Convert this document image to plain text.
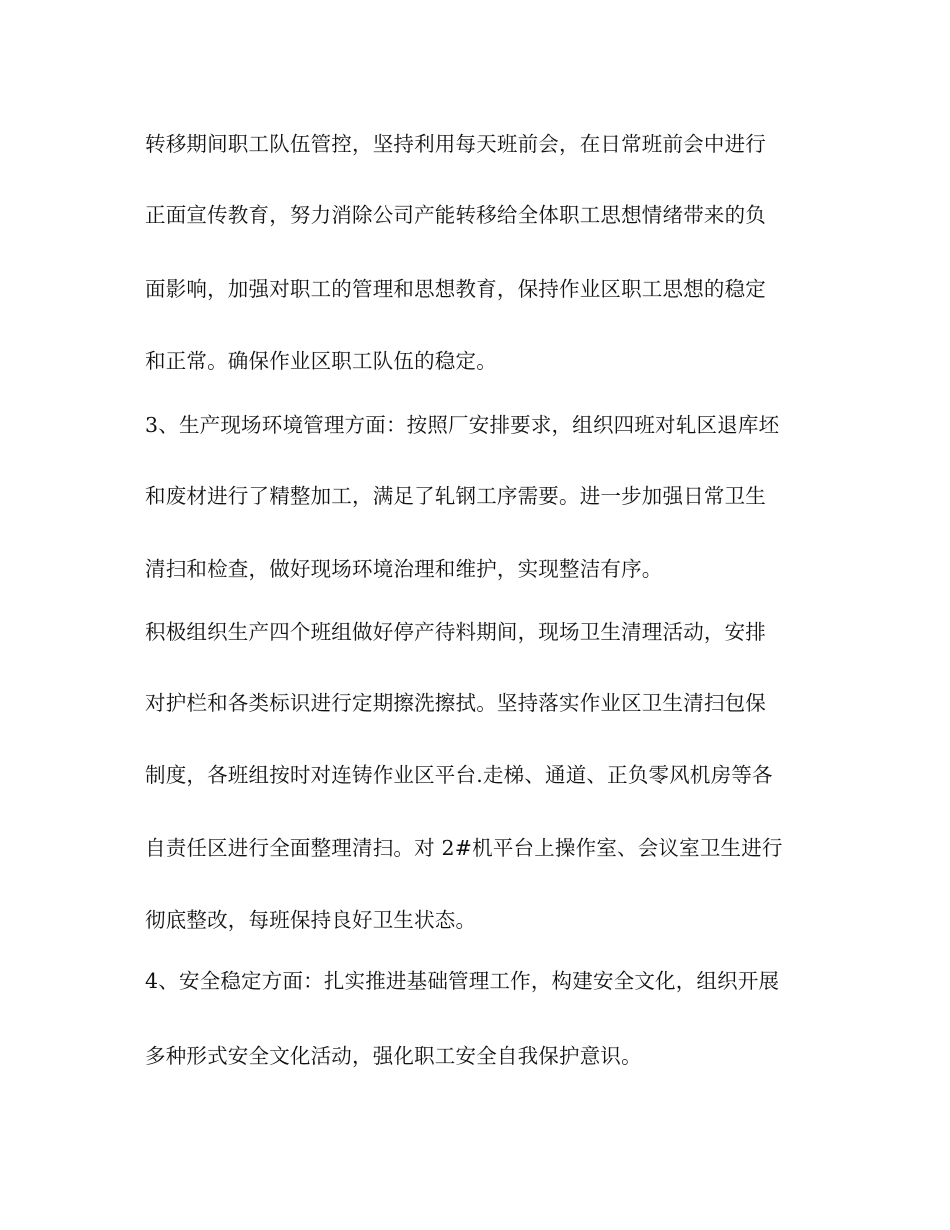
转移期间职工队伍管控，坚持利用每天班前会，在日常班前会中进行
正面宣传教育，努力消除公司产能转移给全体职工思想情绪带来的负
面影响，加强对职工的管理和思想教育，保持作业区职工思想的稳定
和正常。确保作业区职工队伍的稳定。
3、生产现场环境管理方面：按照厂安排要求，组织四班对轧区退库坯
和废材进行了精整加工，满足了轧钢工序需要。进一步加强日常卫生
清扫和检查，做好现场环境治理和维护，实现整洁有序。
积极组织生产四个班组做好停产待料期间，现场卫生清理活动，安排
对护栏和各类标识进行定期擦洗擦拭。坚持落实作业区卫生清扫包保
制度，各班组按时对连铸作业区平台.走梯、通道、正负零风机房等各
自责任区进行全面整理清扫。对 2#机平台上操作室、会议室卫生进行
彻底整改，每班保持良好卫生状态。
4、安全稳定方面：扎实推进基础管理工作，构建安全文化，组织开展
多种形式安全文化活动，强化职工安全自我保护意识。
